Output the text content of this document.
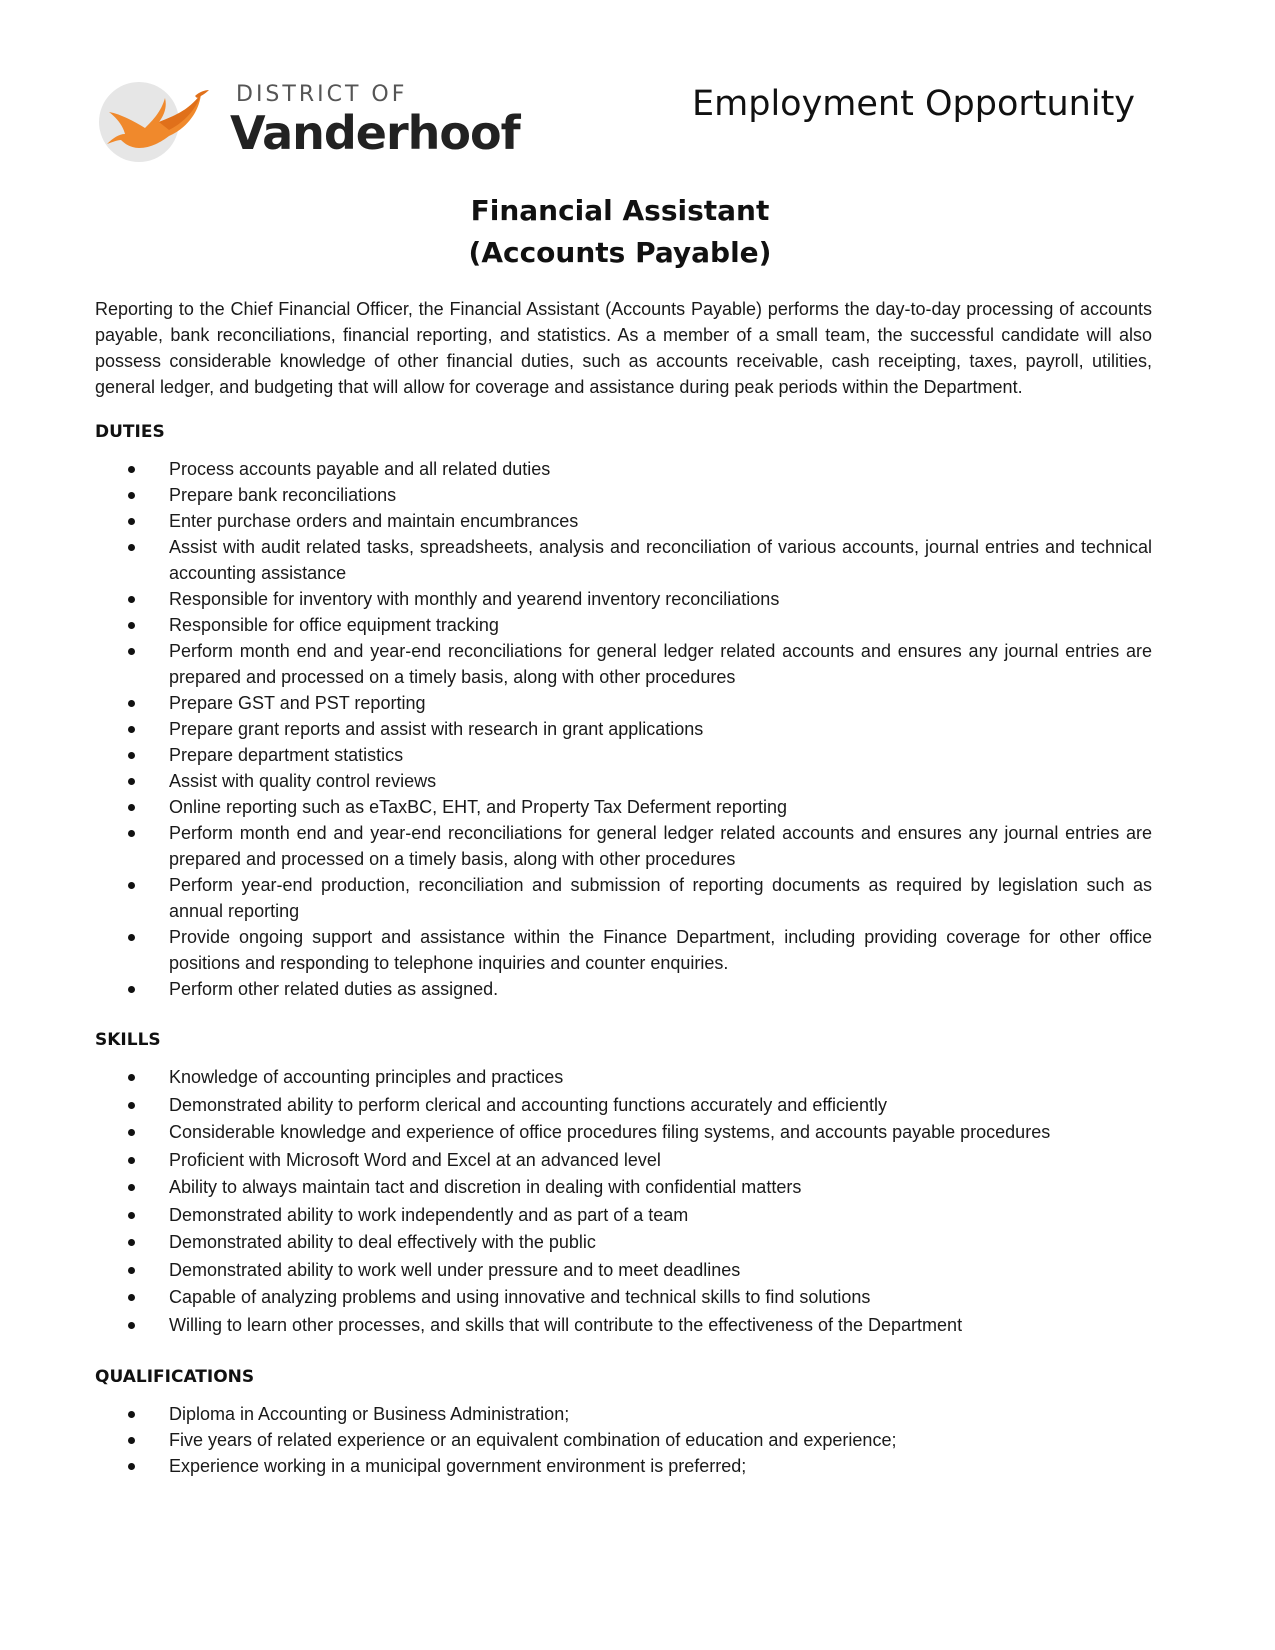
DISTRICT OF
Vanderhoof
Employment Opportunity
Financial Assistant
(Accounts Payable)

Reporting to the Chief Financial Officer, the Financial Assistant (Accounts Payable) performs the day-to-day processing of accounts payable, bank reconciliations, financial reporting, and statistics. As a member of a small team, the successful candidate will also possess considerable knowledge of other financial duties, such as accounts receivable, cash receipting, taxes, payroll, utilities, general ledger, and budgeting that will allow for coverage and assistance during peak periods within the Department.

DUTIES
Process accounts payable and all related duties
Prepare bank reconciliations
Enter purchase orders and maintain encumbrances
Assist with audit related tasks, spreadsheets, analysis and reconciliation of various accounts, journal entries and technical accounting assistance
Responsible for inventory with monthly and yearend inventory reconciliations
Responsible for office equipment tracking
Perform month end and year-end reconciliations for general ledger related accounts and ensures any journal entries are prepared and processed on a timely basis, along with other procedures
Prepare GST and PST reporting
Prepare grant reports and assist with research in grant applications
Prepare department statistics
Assist with quality control reviews
Online reporting such as eTaxBC, EHT, and Property Tax Deferment reporting
Perform month end and year-end reconciliations for general ledger related accounts and ensures any journal entries are prepared and processed on a timely basis, along with other procedures
Perform year-end production, reconciliation and submission of reporting documents as required by legislation such as annual reporting
Provide ongoing support and assistance within the Finance Department, including providing coverage for other office positions and responding to telephone inquiries and counter enquiries.
Perform other related duties as assigned.
SKILLS
Knowledge of accounting principles and practices
Demonstrated ability to perform clerical and accounting functions accurately and efficiently
Considerable knowledge and experience of office procedures filing systems, and accounts payable procedures
Proficient with Microsoft Word and Excel at an advanced level
Ability to always maintain tact and discretion in dealing with confidential matters
Demonstrated ability to work independently and as part of a team
Demonstrated ability to deal effectively with the public
Demonstrated ability to work well under pressure and to meet deadlines
Capable of analyzing problems and using innovative and technical skills to find solutions
Willing to learn other processes, and skills that will contribute to the effectiveness of the Department
QUALIFICATIONS
Diploma in Accounting or Business Administration;
Five years of related experience or an equivalent combination of education and experience;
Experience working in a municipal government environment is preferred;
